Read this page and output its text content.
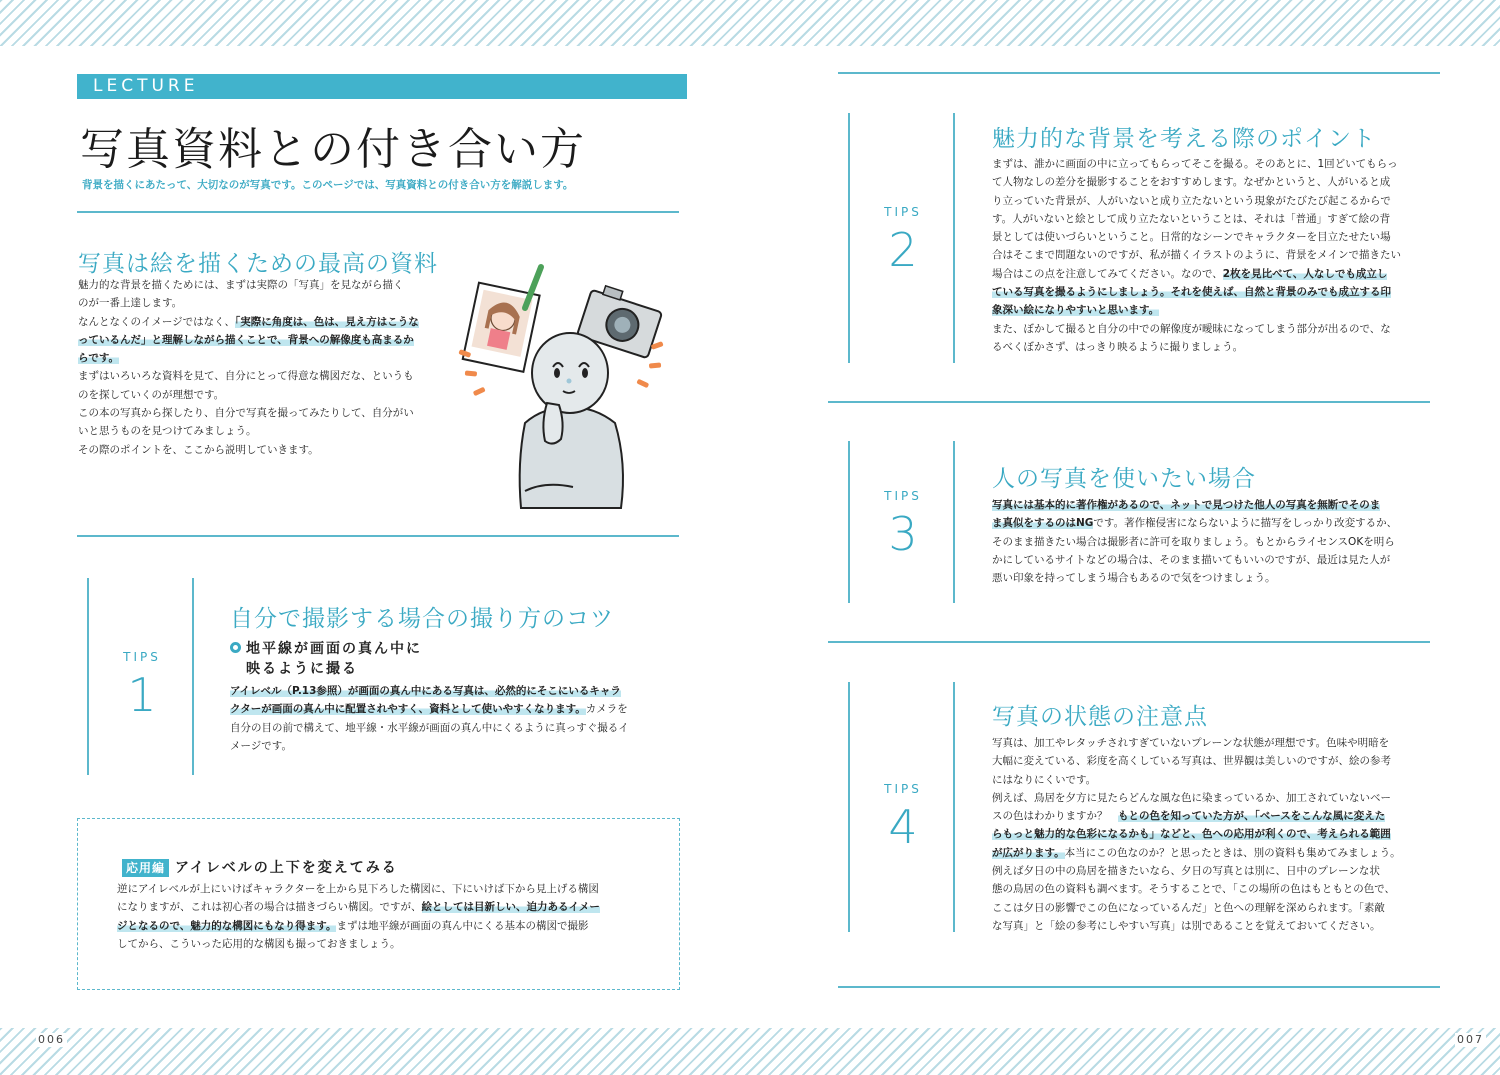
006	007
LECTURE
写真資料との付き合い方
背景を描くにあたって、大切なのが写真です。このページでは、写真資料との付き合い方を解説します。
写真は絵を描くための最高の資料

魅力的な背景を描くためには、まずは実際の「写真」を見ながら描く

のが一番上達します。

なんとなくのイメージではなく、「実際に角度は、色は、見え方はこうな

っているんだ」と理解しながら描くことで、背景への解像度も高まるか

らです。

まずはいろいろな資料を見て、自分にとって得意な構図だな、というも

のを探していくのが理想です。

この本の写真から探したり、自分で写真を撮ってみたりして、自分がい

いと思うものを見つけてみましょう。

その際のポイントを、ここから説明していきます。

TIPS
1
自分で撮影する場合の撮り方のコツ
地平線が画面の真ん中に
映るように撮る

アイレベル（P.13参照）が画面の真ん中にある写真は、必然的にそこにいるキャラ

クターが画面の真ん中に配置されやすく、資料として使いやすくなります。カメラを

自分の目の前で構えて、地平線・水平線が画面の真ん中にくるように真っすぐ撮るイ

メージです。

応用編 アイレベルの上下を変えてみる

逆にアイレベルが上にいけばキャラクターを上から見下ろした構図に、下にいけば下から見上げる構図

になりますが、これは初心者の場合は描きづらい構図。ですが、絵としては目新しい、迫力あるイメー

ジとなるので、魅力的な構図にもなり得ます。まずは地平線が画面の真ん中にくる基本の構図で撮影

してから、こういった応用的な構図も撮っておきましょう。

TIPS
2
魅力的な背景を考える際のポイント

まずは、誰かに画面の中に立ってもらってそこを撮る。そのあとに、1回どいてもらっ

て人物なしの差分を撮影することをおすすめします。なぜかというと、人がいると成

り立っていた背景が、人がいないと成り立たないという現象がたびたび起こるからで

す。人がいないと絵として成り立たないということは、それは「普通」すぎて絵の背

景としては使いづらいということ。日常的なシーンでキャラクターを目立たせたい場

合はそこまで問題ないのですが、私が描くイラストのように、背景をメインで描きたい

場合はこの点を注意してみてください。なので、2枚を見比べて、人なしでも成立し

ている写真を撮るようにしましょう。それを使えば、自然と背景のみでも成立する印

象深い絵になりやすいと思います。

また、ぼかして撮ると自分の中での解像度が曖昧になってしまう部分が出るので、な

るべくぼかさず、はっきり映るように撮りましょう。

TIPS
3
人の写真を使いたい場合

写真には基本的に著作権があるので、ネットで見つけた他人の写真を無断でそのま

ま真似をするのはNGです。著作権侵害にならないように描写をしっかり改変するか、

そのまま描きたい場合は撮影者に許可を取りましょう。もとからライセンスOKを明ら

かにしているサイトなどの場合は、そのまま描いてもいいのですが、最近は見た人が

悪い印象を持ってしまう場合もあるので気をつけましょう。

TIPS
4
写真の状態の注意点

写真は、加工やレタッチされすぎていないプレーンな状態が理想です。色味や明暗を

大幅に変えている、彩度を高くしている写真は、世界観は美しいのですが、絵の参考

にはなりにくいです。

例えば、鳥居を夕方に見たらどんな風な色に染まっているか、加工されていないベー

スの色はわかりますか？　もとの色を知っていた方が、「ベースをこんな風に変えた

らもっと魅力的な色彩になるかも」などと、色への応用が利くので、考えられる範囲

が広がります。本当にこの色なのか？と思ったときは、別の資料も集めてみましょう。

例えば夕日の中の鳥居を描きたいなら、夕日の写真とは別に、日中のプレーンな状

態の鳥居の色の資料も調べます。そうすることで、「この場所の色はもともとの色で、

ここは夕日の影響でこの色になっているんだ」と色への理解を深められます。「素敵

な写真」と「絵の参考にしやすい写真」は別であることを覚えておいてください。
